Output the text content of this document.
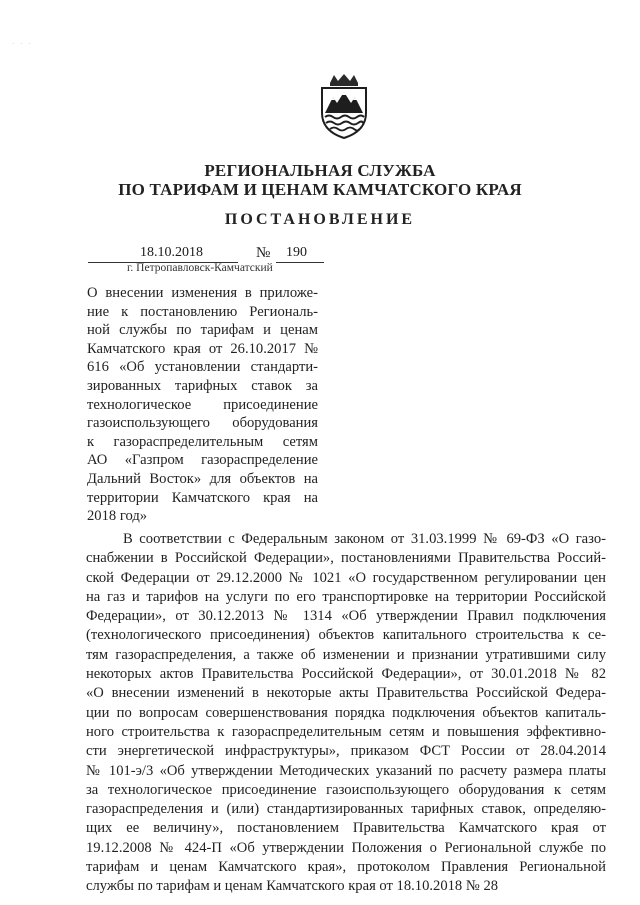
· · ·
РЕГИОНАЛЬНАЯ СЛУЖБА
ПО ТАРИФАМ И ЦЕНАМ КАМЧАТСКОГО КРАЯ
ПОСТАНОВЛЕНИЕ
18.10.2018	№ 190
г. Петропавловск-Камчатский
О внесении изменения в приложе-
ние к постановлению Региональ-
ной службы по тарифам и ценам
Камчатского края от 26.10.2017 №
616 «Об установлении стандарти-
зированных тарифных ставок за
технологическое присоединение
газоиспользующего оборудования
к газораспределительным сетям
АО «Газпром газораспределение
Дальний Восток» для объектов на
территории Камчатского края на
2018 год»
В соответствии с Федеральным законом от 31.03.1999 № 69-ФЗ «О газо-
снабжении в Российской Федерации», постановлениями Правительства Россий-
ской Федерации от 29.12.2000 № 1021 «О государственном регулировании цен
на газ и тарифов на услуги по его транспортировке на территории Российской
Федерации», от 30.12.2013 № 1314 «Об утверждении Правил подключения
(технологического присоединения) объектов капитального строительства к се-
тям газораспределения, а также об изменении и признании утратившими силу
некоторых актов Правительства Российской Федерации», от 30.01.2018 № 82
«О внесении изменений в некоторые акты Правительства Российской Федера-
ции по вопросам совершенствования порядка подключения объектов капиталь-
ного строительства к газораспределительным сетям и повышения эффективно-
сти энергетической инфраструктуры», приказом ФСТ России от 28.04.2014
№ 101-э/3 «Об утверждении Методических указаний по расчету размера платы
за технологическое присоединение газоиспользующего оборудования к сетям
газораспределения и (или) стандартизированных тарифных ставок, определяю-
щих ее величину», постановлением Правительства Камчатского края от
19.12.2008 № 424-П «Об утверждении Положения о Региональной службе по
тарифам и ценам Камчатского края», протоколом Правления Региональной
службы по тарифам и ценам Камчатского края от 18.10.2018 № 28
